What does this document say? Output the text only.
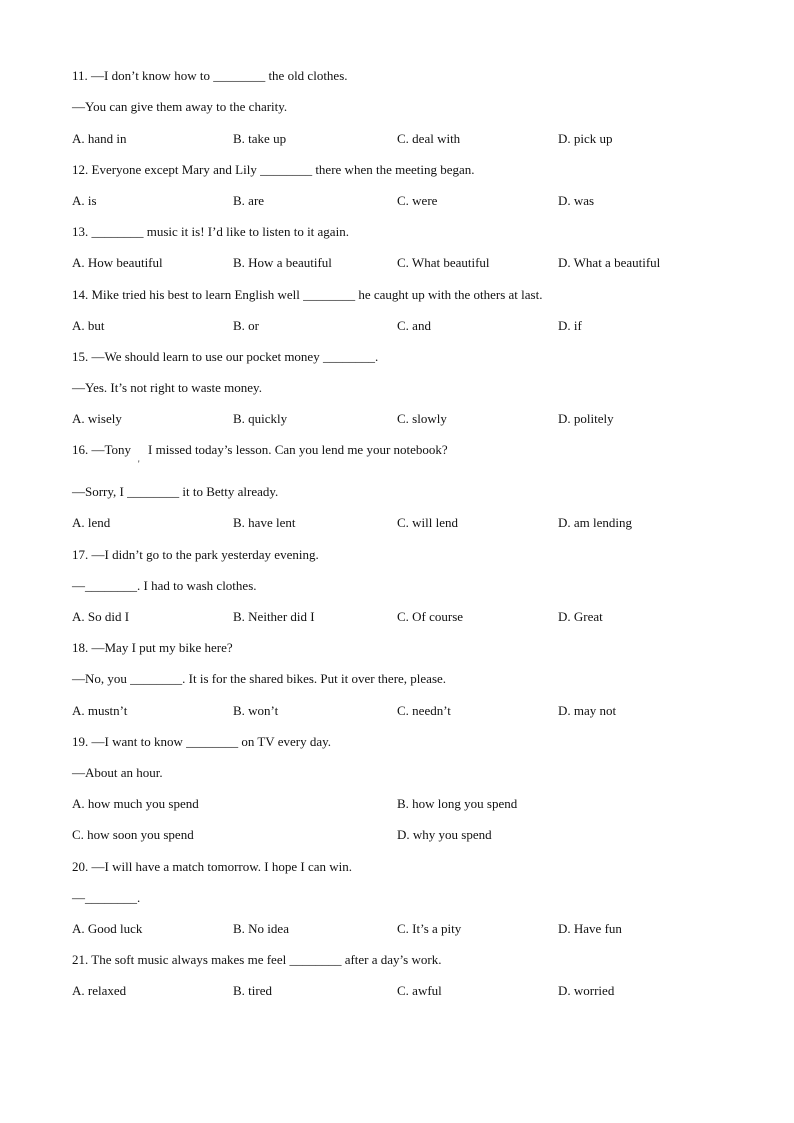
11. —I don’t know how to ________ the old clothes.
—You can give them away to the charity.
A. hand in	B. take up	C. deal with	D. pick up
12. Everyone except Mary and Lily ________ there when the meeting began.
A. is	B. are	C. were	D. was
13. ________ music it is! I’d like to listen to it again.
A. How beautiful	B. How a beautiful	C. What beautiful	D. What a beautiful
14. Mike tried his best to learn English well ________ he caught up with the others at last.
A. but	B. or	C. and	D. if
15. —We should learn to use our pocket money ________.
—Yes. It’s not right to waste money.
A. wisely	B. quickly	C. slowly	D. politely
16. —Tony I missed today’s lesson. Can you lend me your notebook?
'
—Sorry, I ________ it to Betty already.
A. lend	B. have lent	C. will lend	D. am lending
17. —I didn’t go to the park yesterday evening.
—________. I had to wash clothes.
A. So did I	B. Neither did I	C. Of course	D. Great
18. —May I put my bike here?
—No, you ________. It is for the shared bikes. Put it over there, please.
A. mustn’t	B. won’t	C. needn’t	D. may not
19. —I want to know ________ on TV every day.
—About an hour.
A. how much you spend	B. how long you spend
C. how soon you spend	D. why you spend
20. —I will have a match tomorrow. I hope I can win.
—________.
A. Good luck	B. No idea	C. It’s a pity	D. Have fun
21. The soft music always makes me feel ________ after a day’s work.
A. relaxed	B. tired	C. awful	D. worried
